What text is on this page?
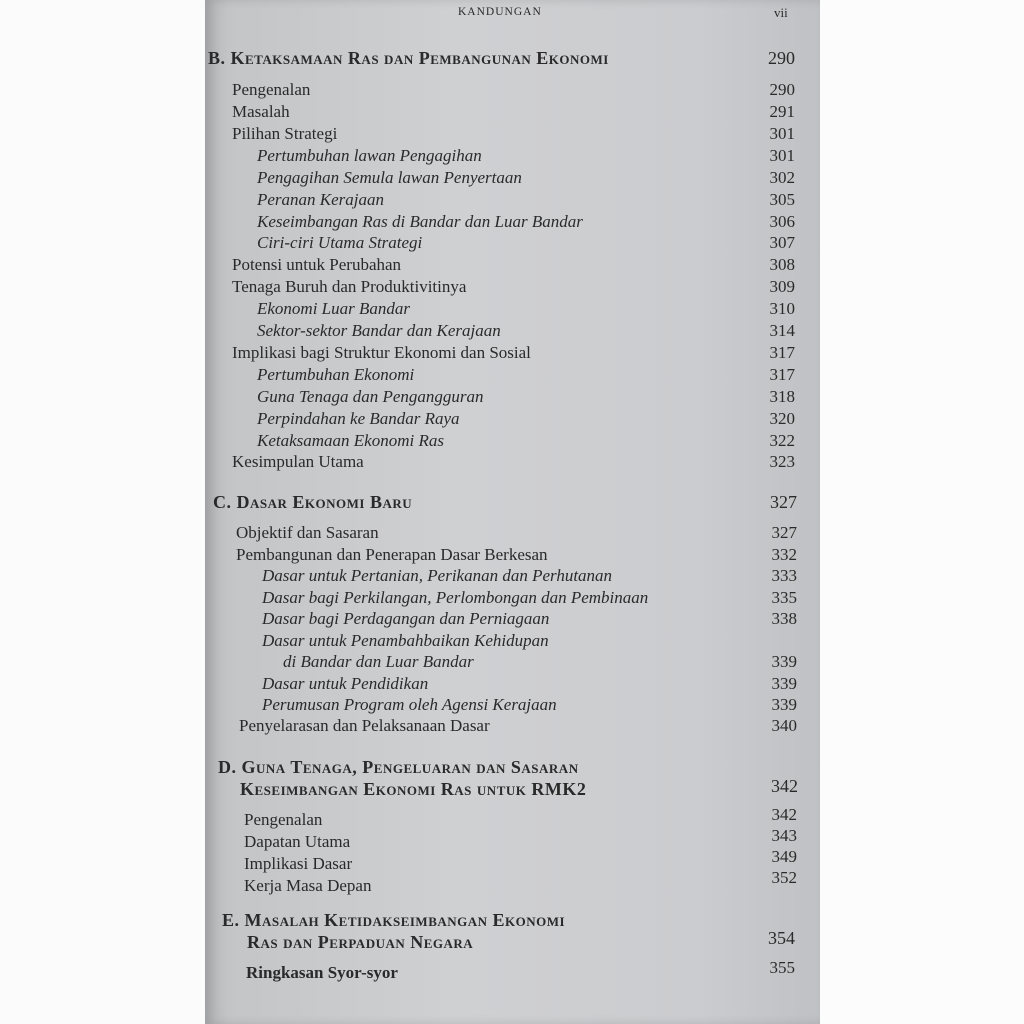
KANDUNGAN	vii
B. Ketaksamaan Ras dan Pembangunan Ekonomi	290
Pengenalan	290
Masalah	291
Pilihan Strategi	301
Pertumbuhan lawan Pengagihan	301
Pengagihan Semula lawan Penyertaan	302
Peranan Kerajaan	305
Keseimbangan Ras di Bandar dan Luar Bandar	306
Ciri-ciri Utama Strategi	307
Potensi untuk Perubahan	308
Tenaga Buruh dan Produktivitinya	309
Ekonomi Luar Bandar	310
Sektor-sektor Bandar dan Kerajaan	314
Implikasi bagi Struktur Ekonomi dan Sosial	317
Pertumbuhan Ekonomi	317
Guna Tenaga dan Pengangguran	318
Perpindahan ke Bandar Raya	320
Ketaksamaan Ekonomi Ras	322
Kesimpulan Utama	323
C. Dasar Ekonomi Baru	327
Objektif dan Sasaran	327
Pembangunan dan Penerapan Dasar Berkesan	332
Dasar untuk Pertanian, Perikanan dan Perhutanan	333
Dasar bagi Perkilangan, Perlombongan dan Pembinaan	335
Dasar bagi Perdagangan dan Perniagaan	338
Dasar untuk Penambahbaikan Kehidupan
di Bandar dan Luar Bandar	339
Dasar untuk Pendidikan	339
Perumusan Program oleh Agensi Kerajaan	339
Penyelarasan dan Pelaksanaan Dasar	340
D. Guna Tenaga, Pengeluaran dan Sasaran
Keseimbangan Ekonomi Ras untuk RMK2	342
Pengenalan	342
Dapatan Utama	343
Implikasi Dasar	349
Kerja Masa Depan	352
E. Masalah Ketidakseimbangan Ekonomi
Ras dan Perpaduan Negara	354
Ringkasan Syor-syor	355
